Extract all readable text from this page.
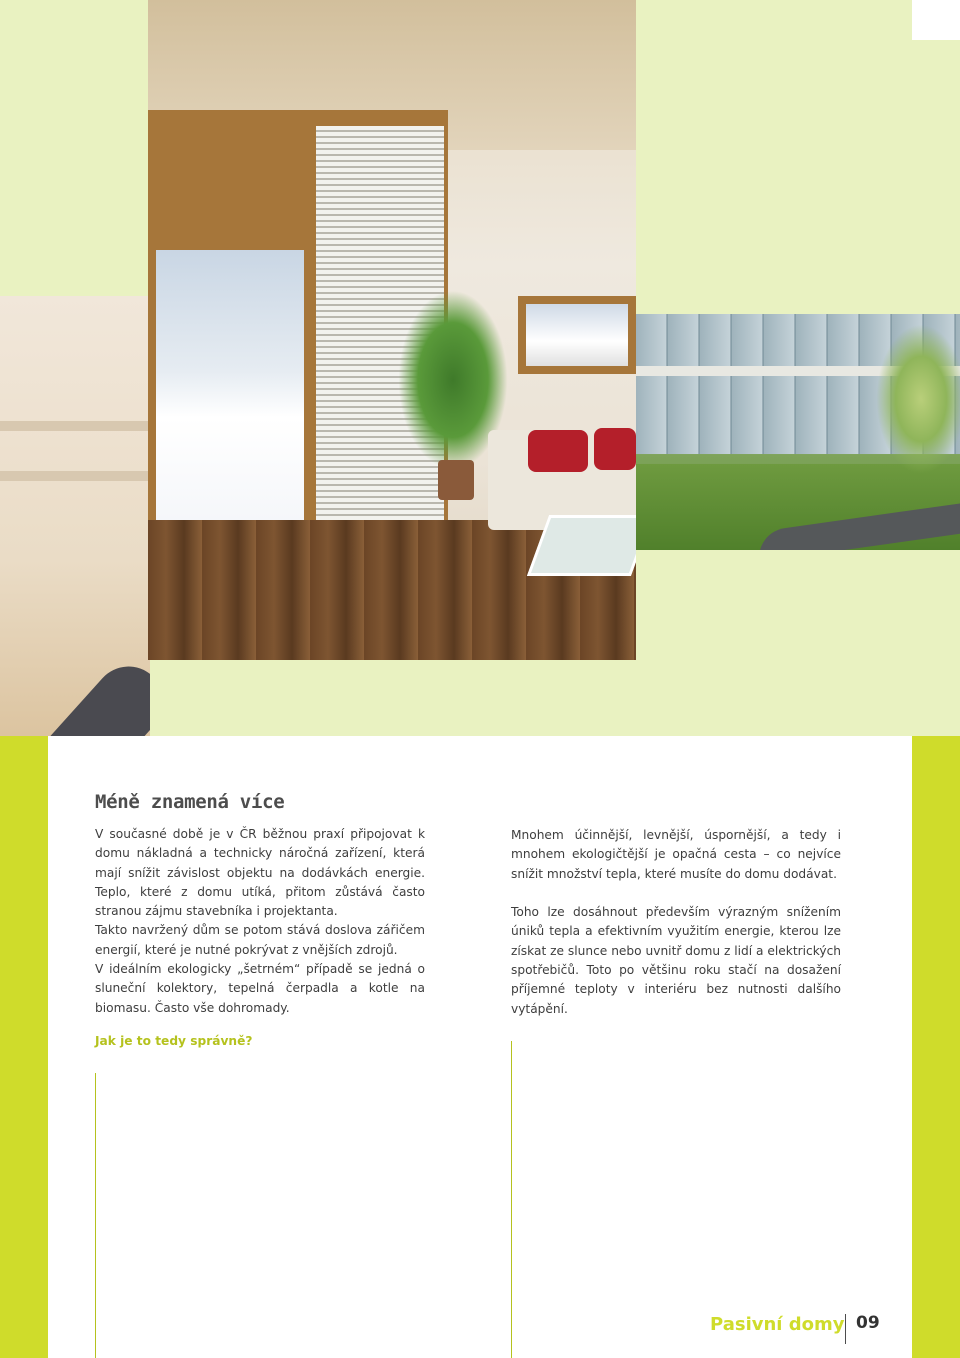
Méně znamená více

V současné době je v ČR běžnou praxí připojovat k domu nákladná a technicky náročná zařízení, která mají snížit závislost objektu na dodávkách energie. Teplo, které z domu utíká, přitom zůstává často stranou zájmu stavebníka i projektanta.

Takto navržený dům se potom stává doslova zářičem energií, které je nutné pokrývat z vnějších zdrojů.

V ideálním ekologicky „šetrném“ případě se jedná o sluneční kolektory, tepelná čerpadla a kotle na biomasu. Často vše dohromady.

Jak je to tedy správně?

Mnohem účinnější, levnější, úspornější, a tedy i mnohem ekologičtější je opačná cesta – co nejvíce snížit množství tepla, které musíte do domu dodávat.

Toho lze dosáhnout především výrazným snížením úniků tepla a efektivním využitím energie, kterou lze získat ze slunce nebo uvnitř domu z lidí a elektrických spotřebičů. Toto po většinu roku stačí na dosažení příjemné teploty v interiéru bez nutnosti dalšího vytápění.

Pasivní domy 09
